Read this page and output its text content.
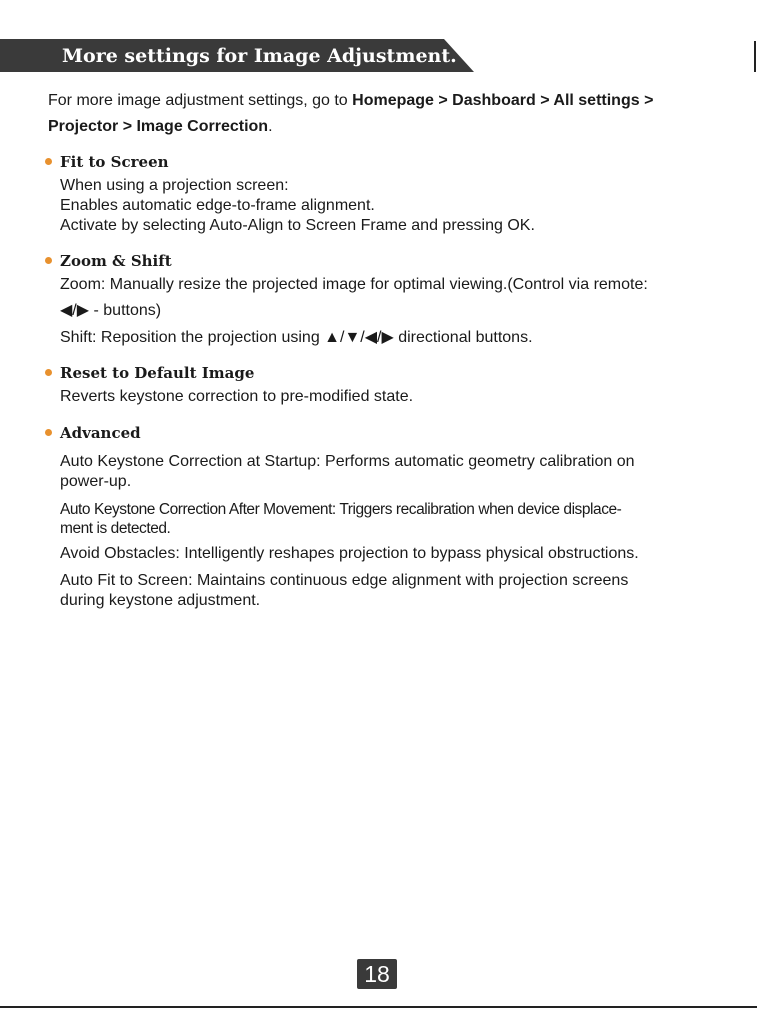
More settings for Image Adjustment.
For more image adjustment settings, go to Homepage > Dashboard > All settings >
Projector > Image Correction.
Fit to Screen
When using a projection screen:
Enables automatic edge-to-frame alignment.
Activate by selecting Auto-Align to Screen Frame and pressing OK.
Zoom & Shift
Zoom: Manually resize the projected image for optimal viewing.(Control via remote:
◀/▶ - buttons)
Shift: Reposition the projection using ▲/▼/◀/▶ directional buttons.
Reset to Default Image
Reverts keystone correction to pre-modified state.
Advanced
Auto Keystone Correction at Startup: Performs automatic geometry calibration on
power-up.
Auto Keystone Correction After Movement: Triggers recalibration when device displace-
ment is detected.
Avoid Obstacles: Intelligently reshapes projection to bypass physical obstructions.
Auto Fit to Screen: Maintains continuous edge alignment with projection screens
during keystone adjustment.
18
